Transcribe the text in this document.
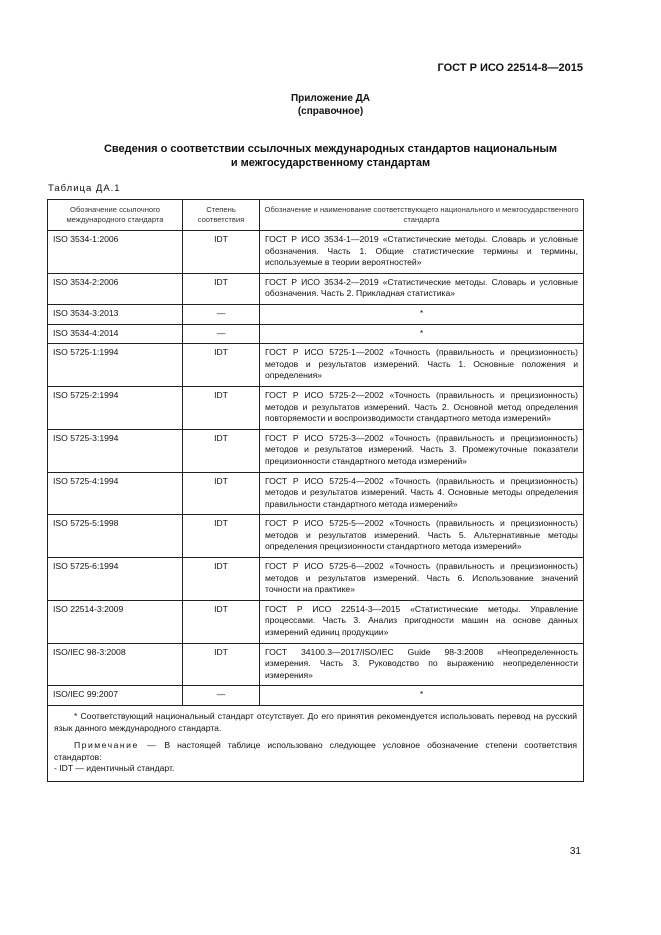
ГОСТ Р ИСО 22514-8—2015
Приложение ДА
(справочное)
Сведения о соответствии ссылочных международных стандартов национальным
и межгосударственному стандартам
Таблица ДА.1
Обозначение ссылочного международного стандарта	Степень соответствия	Обозначение и наименование соответствующего национального и межгосударственного стандарта
ISO 3534-1:2006	IDT	ГОСТ Р ИСО 3534-1—2019 «Статистические методы. Словарь и условные обозначения. Часть 1. Общие статистические термины и термины, используемые в теории вероятностей»
ISO 3534-2:2006	IDT	ГОСТ Р ИСО 3534-2—2019 «Статистические методы. Словарь и условные обозначения. Часть 2. Прикладная статистика»
ISO 3534-3:2013	—	*
ISO 3534-4:2014	—	*
ISO 5725-1:1994	IDT	ГОСТ Р ИСО 5725-1—2002 «Точность (правильность и прецизионность) методов и результатов измерений. Часть 1. Основные положения и определения»
ISO 5725-2:1994	IDT	ГОСТ Р ИСО 5725-2—2002 «Точность (правильность и прецизионность) методов и результатов измерений. Часть 2. Основной метод определения повторяемости и воспроизводимости стандартного метода измерений»
ISO 5725-3:1994	IDT	ГОСТ Р ИСО 5725-3—2002 «Точность (правильность и прецизионность) методов и результатов измерений. Часть 3. Промежуточные показатели прецизионности стандартного метода измерений»
ISO 5725-4:1994	IDT	ГОСТ Р ИСО 5725-4—2002 «Точность (правильность и прецизионность) методов и результатов измерений. Часть 4. Основные методы определения правильности стандартного метода измерений»
ISO 5725-5:1998	IDT	ГОСТ Р ИСО 5725-5—2002 «Точность (правильность и прецизионность) методов и результатов измерений. Часть 5. Альтернативные методы определения прецизионности стандартного метода измерений»
ISO 5725-6:1994	IDT	ГОСТ Р ИСО 5725-6—2002 «Точность (правильность и прецизионность) методов и результатов измерений. Часть 6. Использование значений точности на практике»
ISO 22514-3:2009	IDT	ГОСТ Р ИСО 22514-3—2015 «Статистические методы. Управление процессами. Часть 3. Анализ пригодности машин на основе данных измерений единиц продукции»
ISO/IEC 98-3:2008	IDT	ГОСТ 34100.3—2017/ISO/IEC Guide 98-3:2008 «Неопределенность измерения. Часть 3. Руководство по выражению неопределенности измерения»
ISO/IEC 99:2007	—	*

* Соответствующий национальный стандарт отсутствует. До его принятия рекомендуется использовать перевод на русский язык данного международного стандарта.
Примечание — В настоящей таблице использовано следующее условное обозначение степени соответствия стандартов:
- IDT — идентичный стандарт.		
31
